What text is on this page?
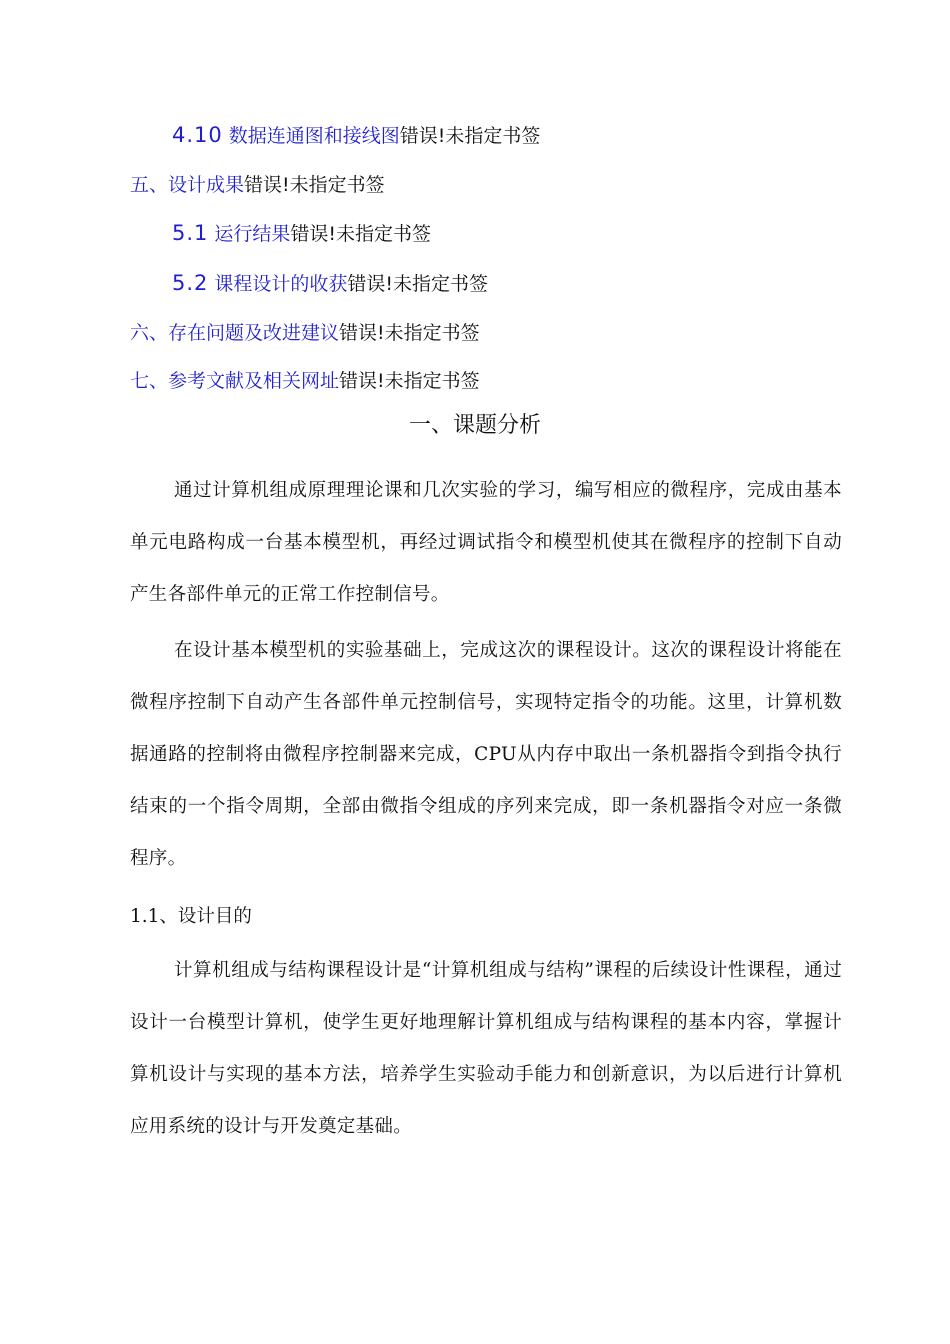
4.10 数据连通图和接线图错误!未指定书签
五、设计成果错误!未指定书签
5.1 运行结果错误!未指定书签
5.2 课程设计的收获错误!未指定书签
六、存在问题及改进建议错误!未指定书签
七、参考文献及相关网址错误!未指定书签
一、课题分析

通过计算机组成原理理论课和几次实验的学习，编写相应的微程序，完成由基本单元电路构成一台基本模型机，再经过调试指令和模型机使其在微程序的控制下自动产生各部件单元的正常工作控制信号。

在设计基本模型机的实验基础上，完成这次的课程设计。这次的课程设计将能在微程序控制下自动产生各部件单元控制信号，实现特定指令的功能。这里，计算机数据通路的控制将由微程序控制器来完成，CPU从内存中取出一条机器指令到指令执行结束的一个指令周期，全部由微指令组成的序列来完成，即一条机器指令对应一条微程序。

1.1、设计目的

计算机组成与结构课程设计是“计算机组成与结构”课程的后续设计性课程，通过设计一台模型计算机，使学生更好地理解计算机组成与结构课程的基本内容，掌握计算机设计与实现的基本方法，培养学生实验动手能力和创新意识，为以后进行计算机应用系统的设计与开发奠定基础。
